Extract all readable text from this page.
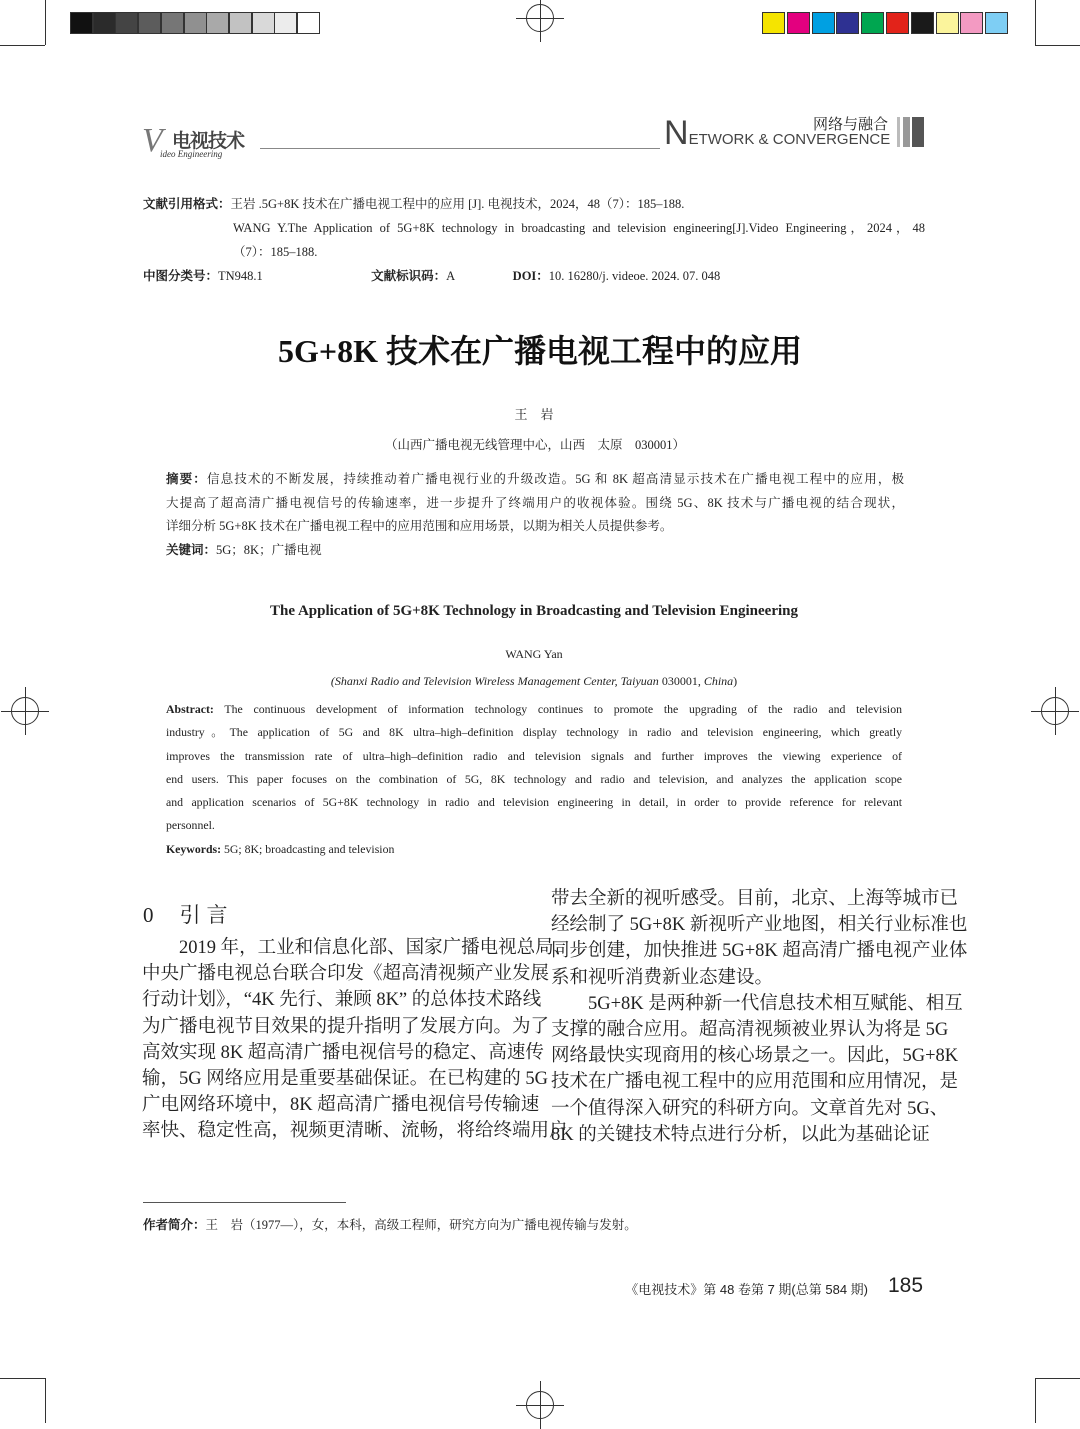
V 电视技术
ideo Engineering
网络与融合
NETWORK & CONVERGENCE
文献引用格式：王岩 .5G+8K 技术在广播电视工程中的应用 [J]. 电视技术，2024，48（7）：185–188.
WANG Y.The Application of 5G+8K technology in broadcasting and television engineering[J].Video Engineering，2024，48
（7）：185–188.
中图分类号：TN948.1	文献标识码：A	DOI：10. 16280/j. videoe. 2024. 07. 048
5G+8K 技术在广播电视工程中的应用
王　岩
（山西广播电视无线管理中心，山西　太原　030001）
摘要：信息技术的不断发展，持续推动着广播电视行业的升级改造。5G 和 8K 超高清显示技术在广播电视工程中的应用，极
大提高了超高清广播电视信号的传输速率，进一步提升了终端用户的收视体验。围绕 5G、8K 技术与广播电视的结合现状，
详细分析 5G+8K 技术在广播电视工程中的应用范围和应用场景，以期为相关人员提供参考。
关键词：5G；8K；广播电视
The Application of 5G+8K Technology in Broadcasting and Television Engineering
WANG Yan
(Shanxi Radio and Television Wireless Management Center, Taiyuan 030001, China)
Abstract: The continuous development of information technology continues to promote the upgrading of the radio and television
industry。The application of 5G and 8K ultra–high–definition display technology in radio and television engineering, which greatly
improves the transmission rate of ultra–high–definition radio and television signals and further improves the viewing experience of
end users. This paper focuses on the combination of 5G, 8K technology and radio and television, and analyzes the application scope
and application scenarios of 5G+8K technology in radio and television engineering in detail, in order to provide reference for relevant
personnel.
Keywords: 5G; 8K; broadcasting and television
0 引言
　　2019 年，工业和信息化部、国家广播电视总局、
中央广播电视总台联合印发《超高清视频产业发展
行动计划》，“4K 先行、兼顾 8K” 的总体技术路线
为广播电视节目效果的提升指明了发展方向。为了
高效实现 8K 超高清广播电视信号的稳定、高速传
输，5G 网络应用是重要基础保证。在已构建的 5G
广电网络环境中，8K 超高清广播电视信号传输速
率快、稳定性高，视频更清晰、流畅，将给终端用户
带去全新的视听感受。目前，北京、上海等城市已
经绘制了 5G+8K 新视听产业地图，相关行业标准也
同步创建，加快推进 5G+8K 超高清广播电视产业体
系和视听消费新业态建设。
　　5G+8K 是两种新一代信息技术相互赋能、相互
支撑的融合应用。超高清视频被业界认为将是 5G
网络最快实现商用的核心场景之一。因此，5G+8K
技术在广播电视工程中的应用范围和应用情况，是
一个值得深入研究的科研方向。文章首先对 5G、
8K 的关键技术特点进行分析，以此为基础论证
作者简介：王　岩（1977—），女，本科，高级工程师，研究方向为广播电视传输与发射。
《电视技术》第 48 卷第 7 期(总第 584 期) 185
